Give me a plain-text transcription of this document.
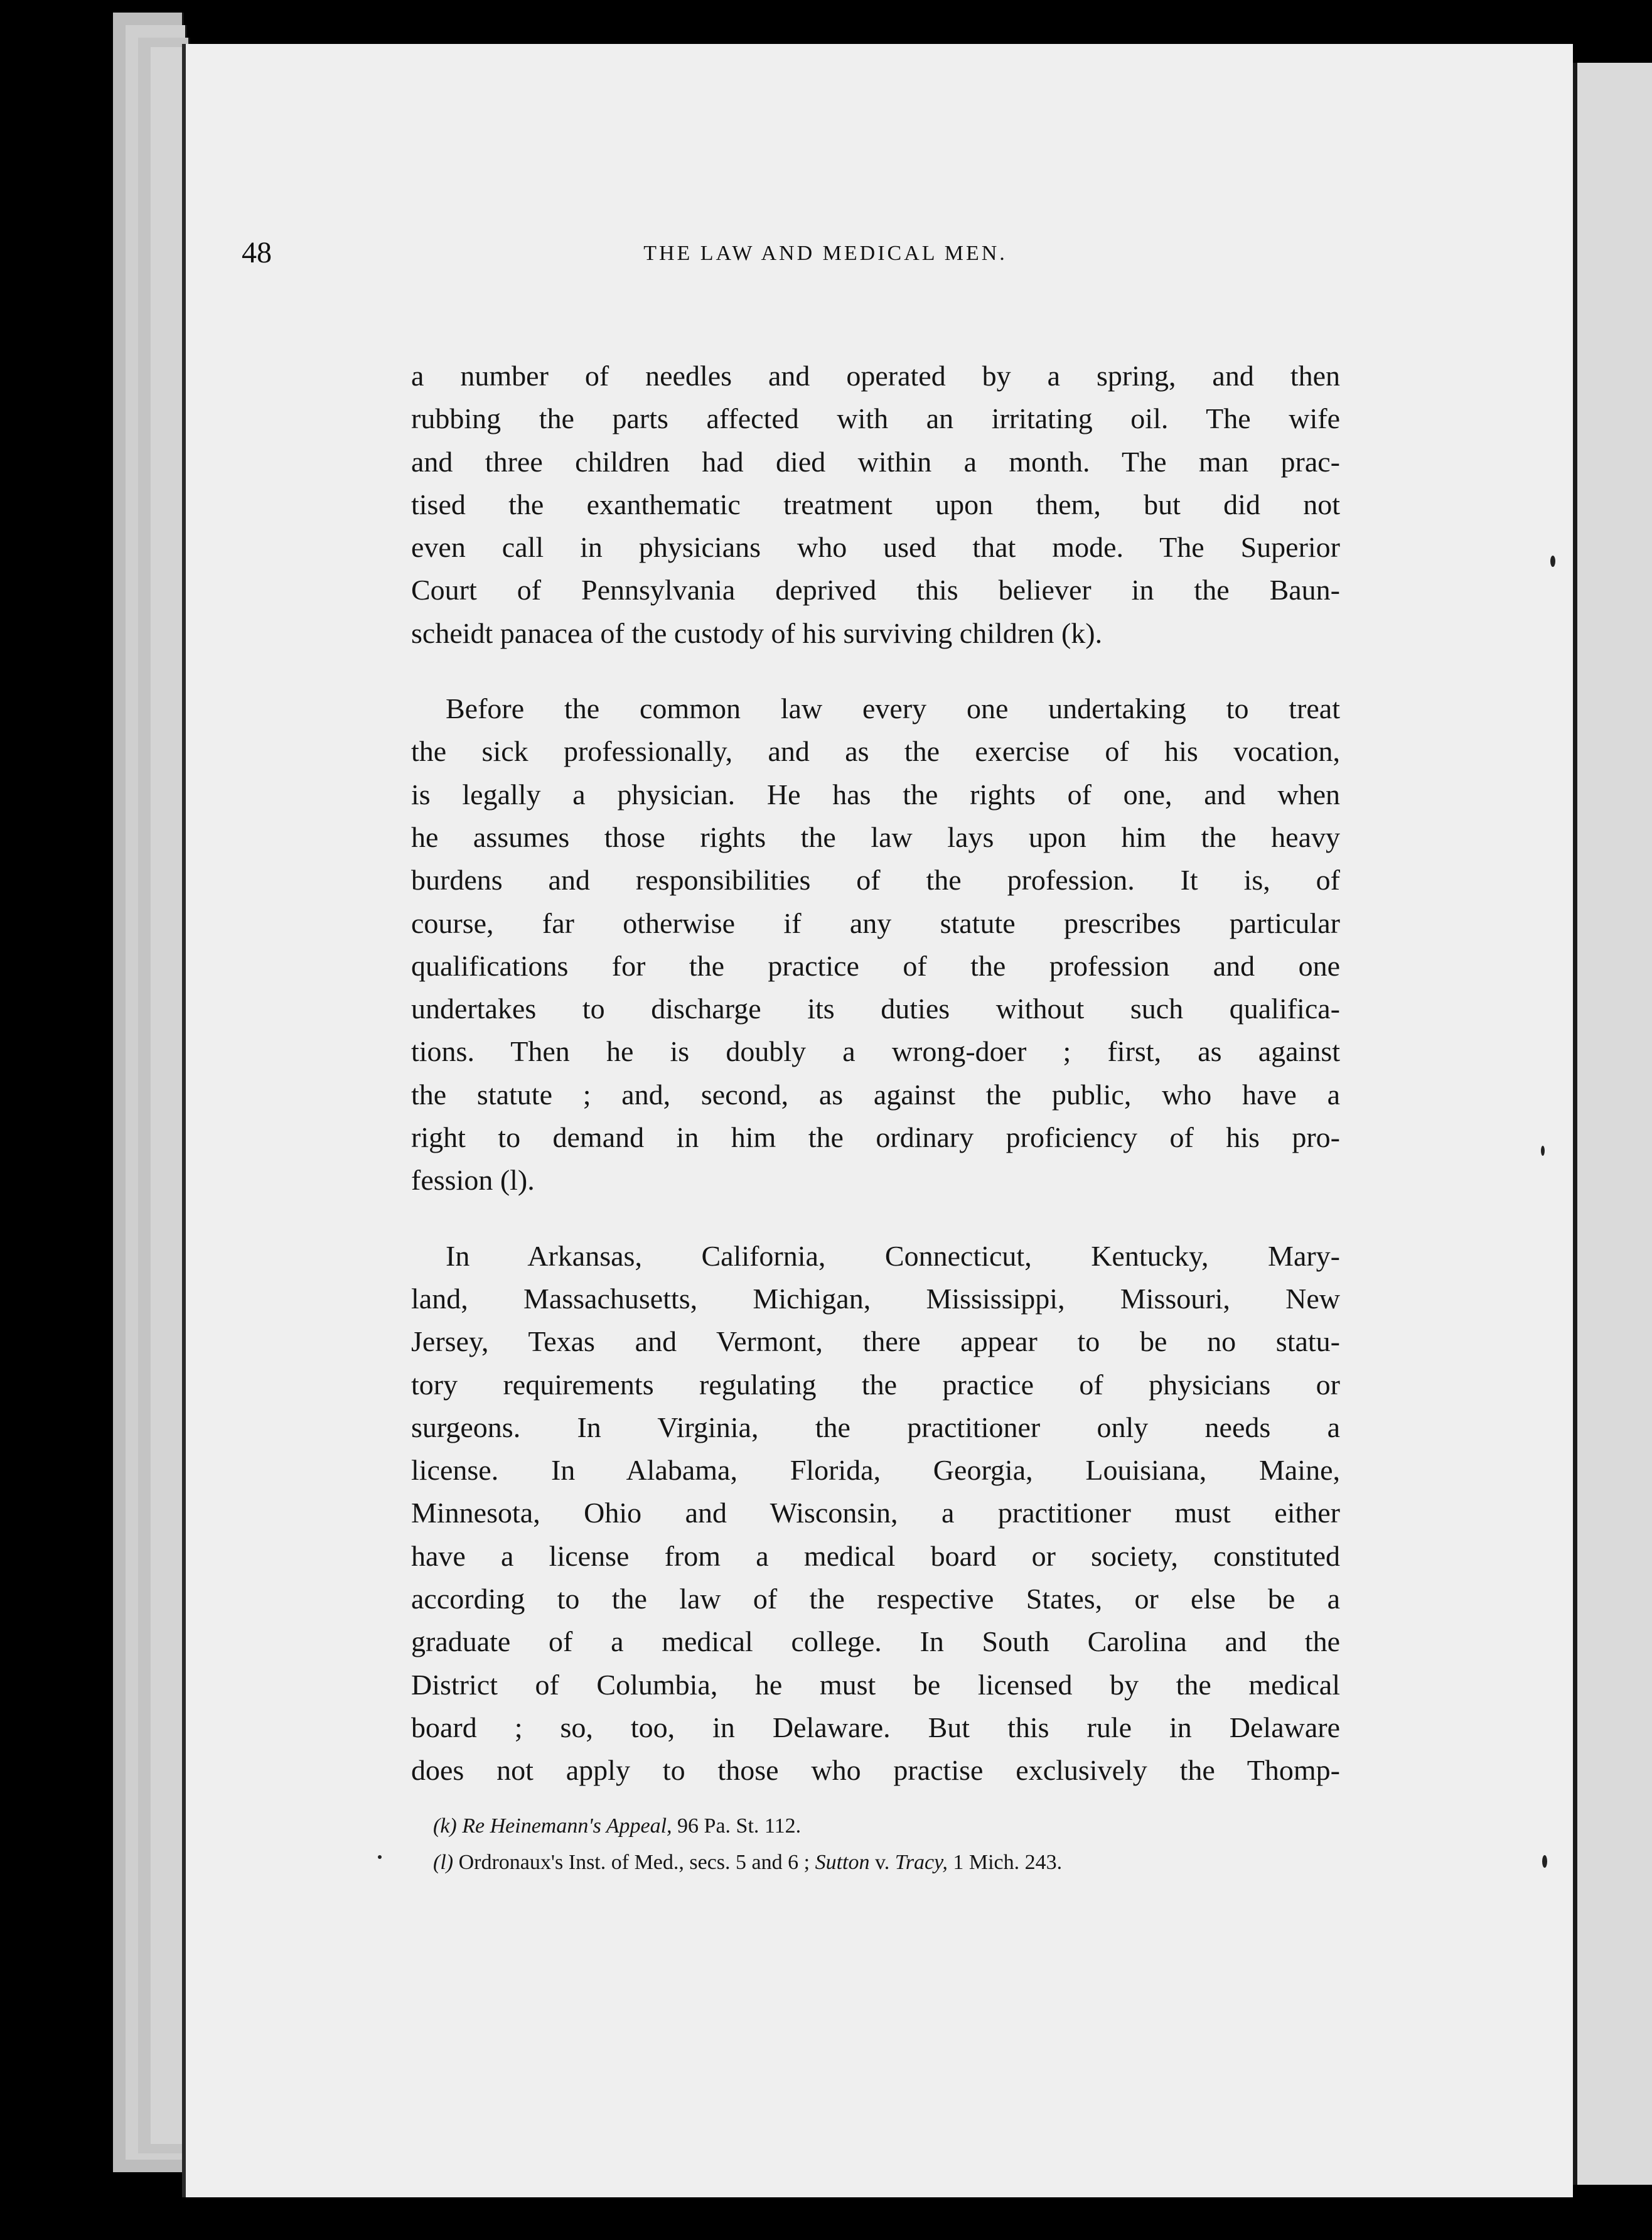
48	THE LAW AND MEDICAL MEN.

a number of needles and operated by a spring, and then
rubbing the parts affected with an irritating oil. The wife
and three children had died within a month. The man prac-
tised the exanthematic treatment upon them, but did not
even call in physicians who used that mode. The Superior
Court of Pennsylvania deprived this believer in the Baun-
scheidt panacea of the custody of his surviving children (k).

Before the common law every one undertaking to treat
the sick professionally, and as the exercise of his vocation,
is legally a physician. He has the rights of one, and when
he assumes those rights the law lays upon him the heavy
burdens and responsibilities of the profession. It is, of
course, far otherwise if any statute prescribes particular
qualifications for the practice of the profession and one
undertakes to discharge its duties without such qualifica-
tions. Then he is doubly a wrong-doer ; first, as against
the statute ; and, second, as against the public, who have a
right to demand in him the ordinary proficiency of his pro-
fession (l).

In Arkansas, California, Connecticut, Kentucky, Mary-
land, Massachusetts, Michigan, Mississippi, Missouri, New
Jersey, Texas and Vermont, there appear to be no statu-
tory requirements regulating the practice of physicians or
surgeons. In Virginia, the practitioner only needs a
license. In Alabama, Florida, Georgia, Louisiana, Maine,
Minnesota, Ohio and Wisconsin, a practitioner must either
have a license from a medical board or society, constituted
according to the law of the respective States, or else be a
graduate of a medical college. In South Carolina and the
District of Columbia, he must be licensed by the medical
board ; so, too, in Delaware. But this rule in Delaware
does not apply to those who practise exclusively the Thomp-

(k) Re Heinemann's Appeal, 96 Pa. St. 112.

(l) Ordronaux's Inst. of Med., secs. 5 and 6 ; Sutton v. Tracy, 1 Mich. 243.
